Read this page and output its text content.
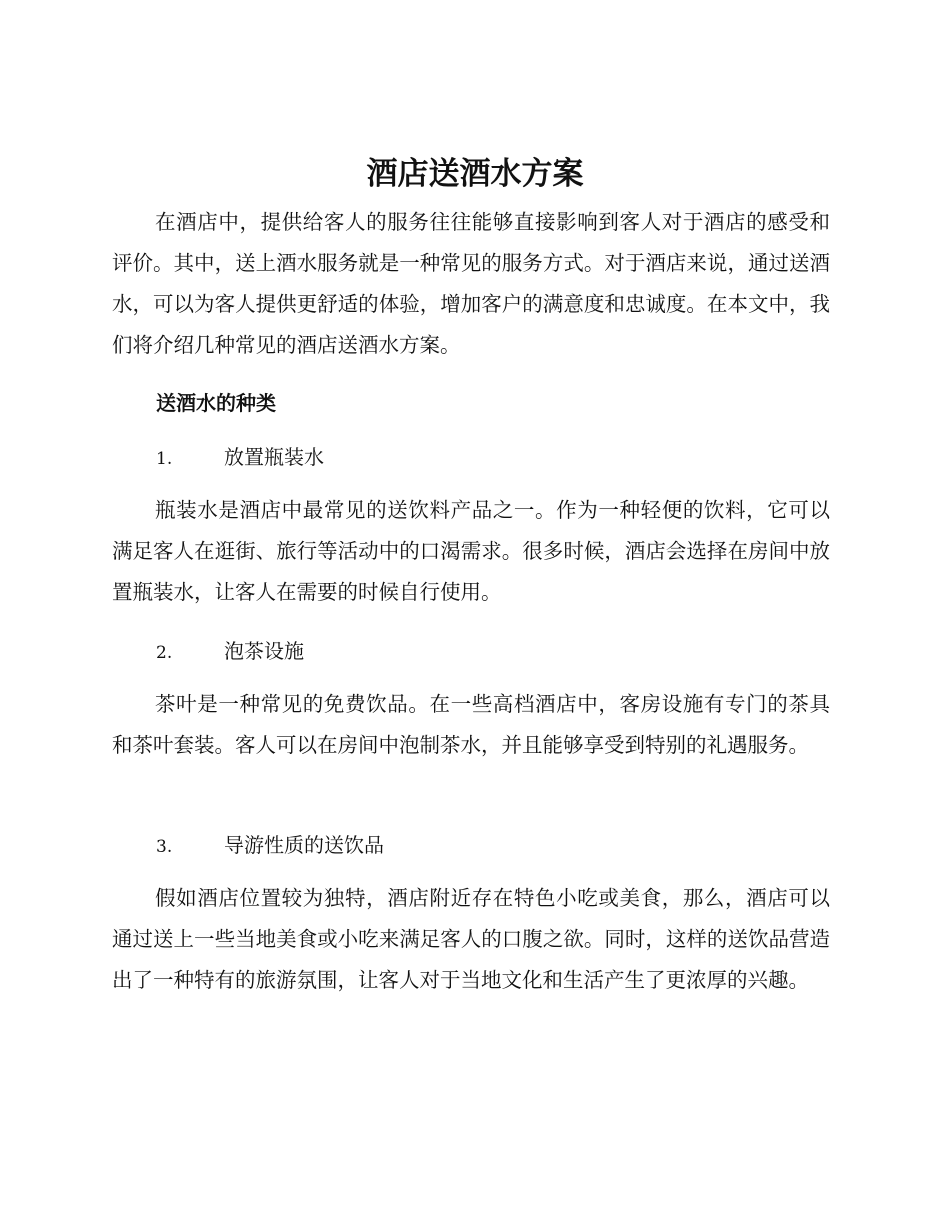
酒店送酒水方案

在酒店中，提供给客人的服务往往能够直接影响到客人对于酒店的感受和评价。其中，送上酒水服务就是一种常见的服务方式。对于酒店来说，通过送酒水，可以为客人提供更舒适的体验，增加客户的满意度和忠诚度。在本文中，我们将介绍几种常见的酒店送酒水方案。

送酒水的种类
1.	放置瓶装水

瓶装水是酒店中最常见的送饮料产品之一。作为一种轻便的饮料，它可以满足客人在逛街、旅行等活动中的口渴需求。很多时候，酒店会选择在房间中放置瓶装水，让客人在需要的时候自行使用。

2.	泡茶设施

茶叶是一种常见的免费饮品。在一些高档酒店中，客房设施有专门的茶具和茶叶套装。客人可以在房间中泡制茶水，并且能够享受到特别的礼遇服务。

3.	导游性质的送饮品

假如酒店位置较为独特，酒店附近存在特色小吃或美食，那么，酒店可以通过送上一些当地美食或小吃来满足客人的口腹之欲。同时，这样的送饮品营造出了一种特有的旅游氛围，让客人对于当地文化和生活产生了更浓厚的兴趣。
